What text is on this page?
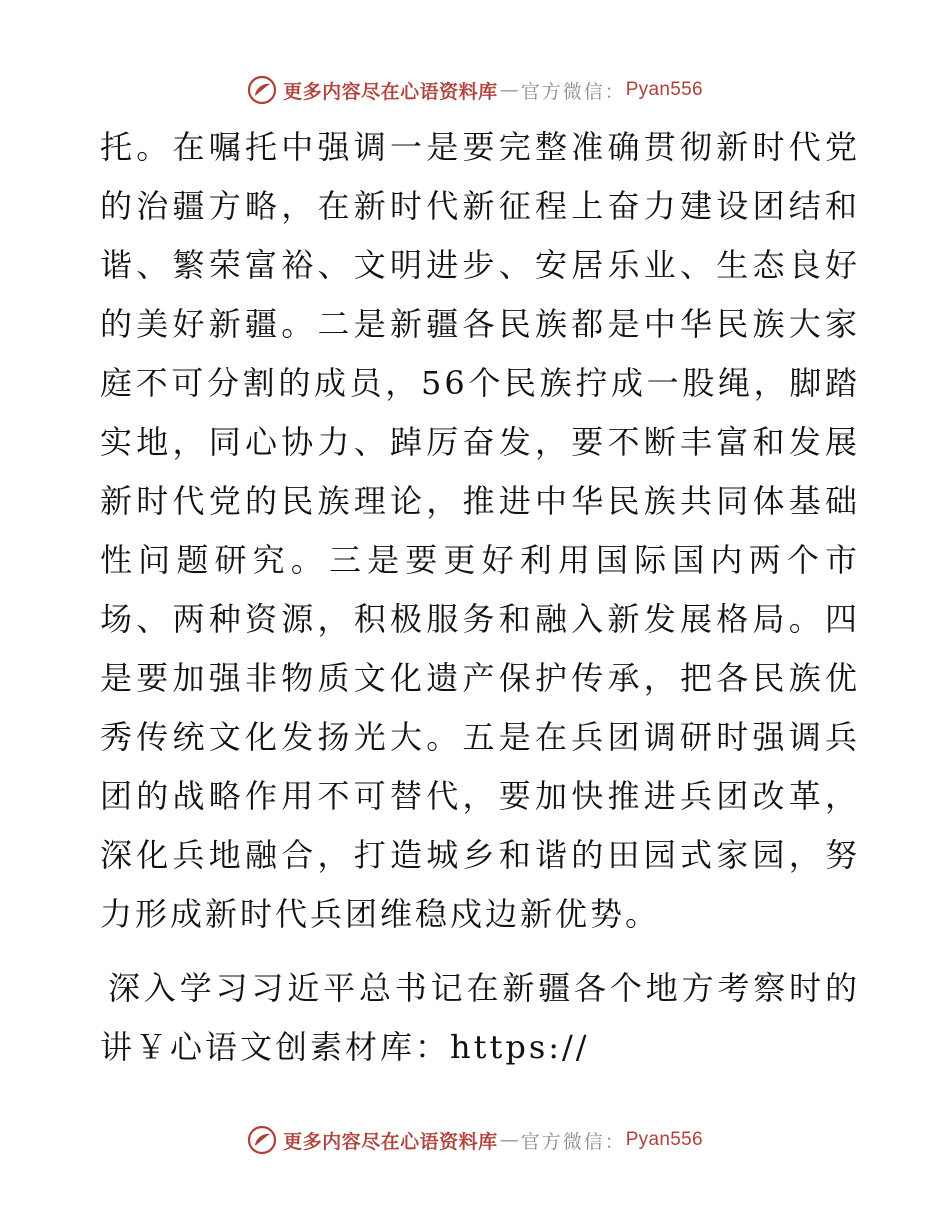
更多内容尽在心语资料库 — 官方微信： Pyan556

托。在嘱托中强调一是要完整准确贯彻新时代党的治疆方略，在新时代新征程上奋力建设团结和谐、繁荣富裕、文明进步、安居乐业、生态良好的美好新疆。二是新疆各民族都是中华民族大家庭不可分割的成员，56个民族拧成一股绳，脚踏实地，同心协力、踔厉奋发，要不断丰富和发展新时代党的民族理论，推进中华民族共同体基础性问题研究。三是要更好利用国际国内两个市场、两种资源，积极服务和融入新发展格局。四是要加强非物质文化遗产保护传承，把各民族优秀传统文化发扬光大。五是在兵团调研时强调兵团的战略作用不可替代，要加快推进兵团改革，深化兵地融合，打造城乡和谐的田园式家园，努力形成新时代兵团维稳戍边新优势。

深入学习习近平总书记在新疆各个地方考察时的讲￥心语文创素材库：https://

更多内容尽在心语资料库 — 官方微信： Pyan556
